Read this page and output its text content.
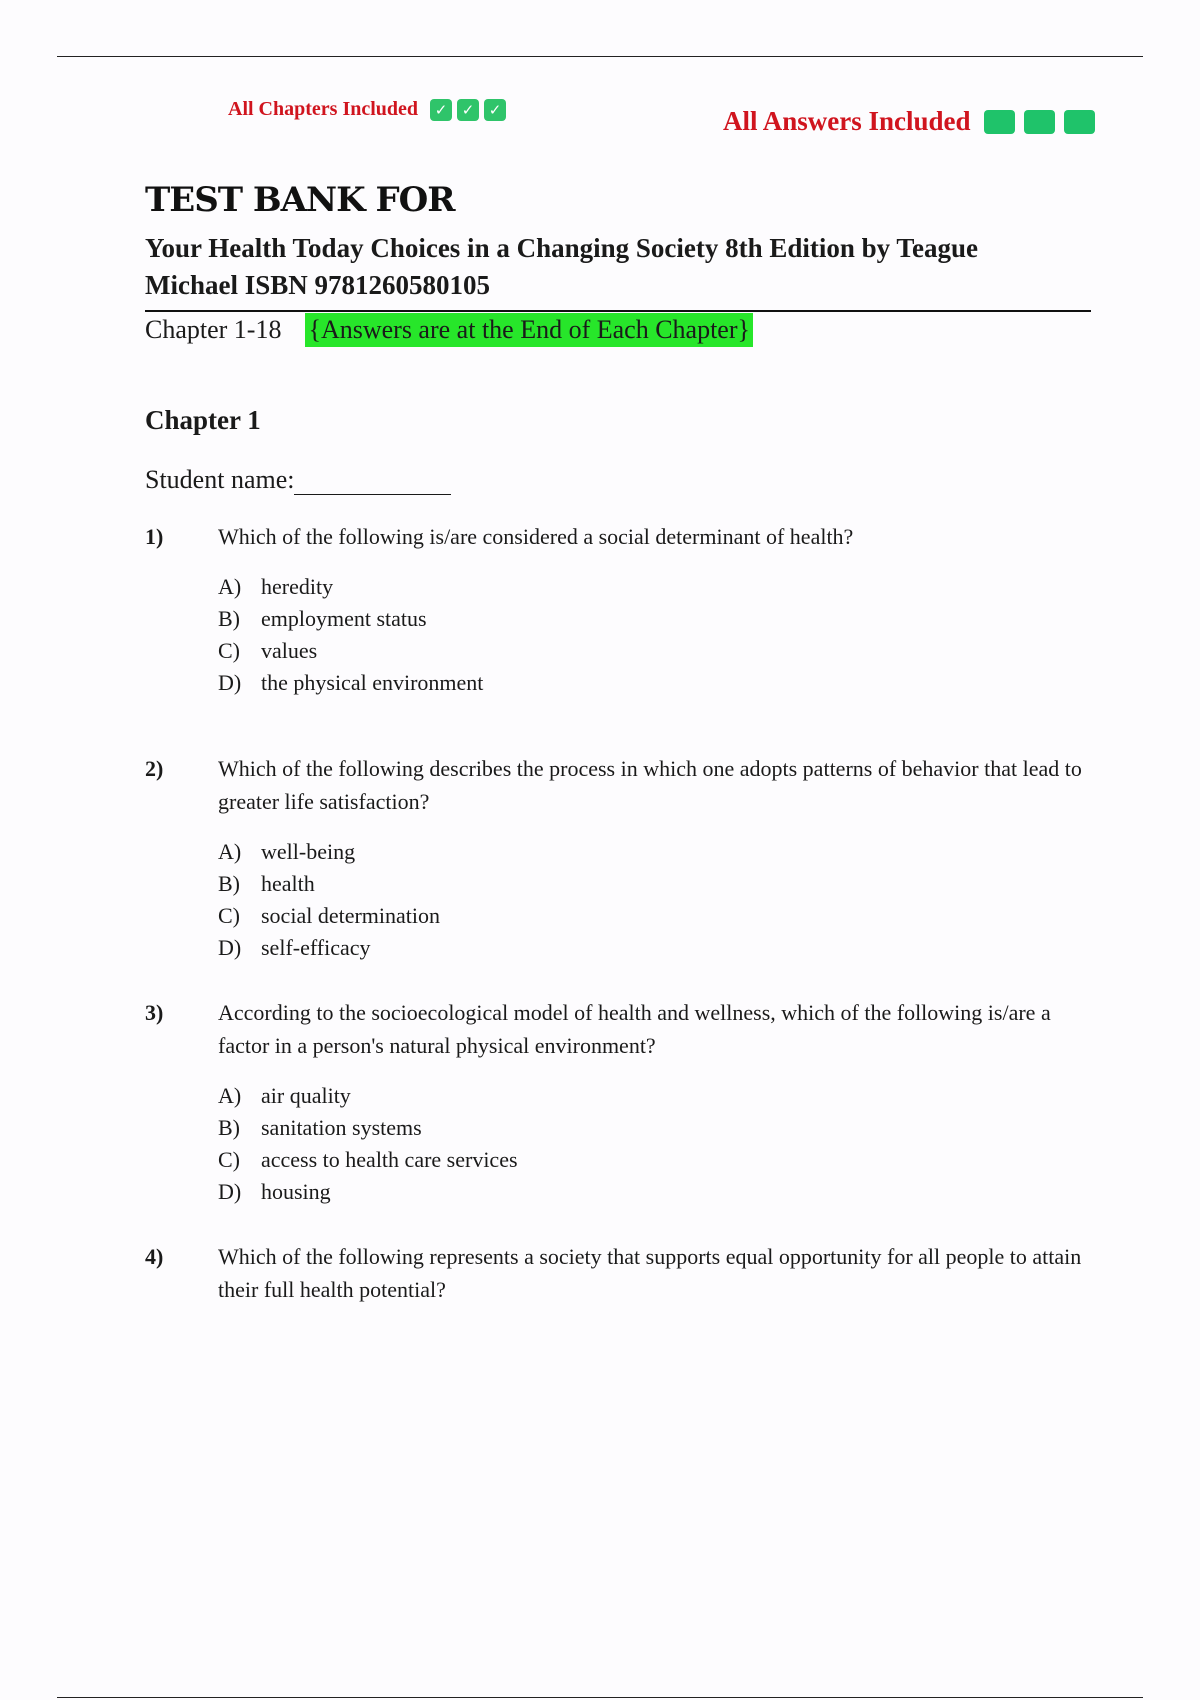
All Chapters Included	✓ ✓ ✓	All Answers Included
TEST BANK FOR
Your Health Today Choices in a Changing Society 8th Edition by Teague Michael ISBN 9781260580105
Chapter 1-18 {Answers are at the End of Each Chapter}
Chapter 1
Student name:
1)	Which of the following is/are considered a social determinant of health?
A) heredity
B) employment status
C) values
D) the physical environment
2)	Which of the following describes the process in which one adopts patterns of behavior that lead to greater life satisfaction?
A) well-being
B) health
C) social determination
D) self-efficacy
3)	According to the socioecological model of health and wellness, which of the following is/are a factor in a person's natural physical environment?
A) air quality
B) sanitation systems
C) access to health care services
D) housing
4)	Which of the following represents a society that supports equal opportunity for all people to attain their full health potential?
